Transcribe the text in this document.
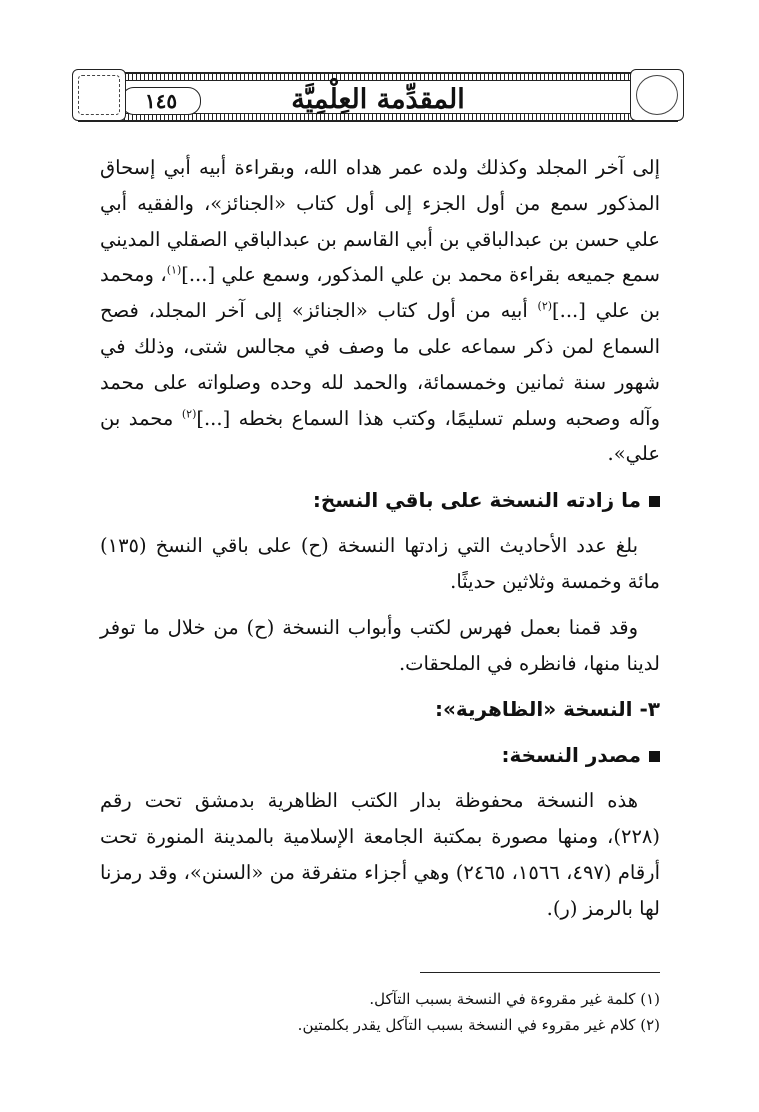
المقدِّمة العِلْمِيَّة
١٤٥

إلى آخر المجلد وكذلك ولده عمر هداه الله، وبقراءة أبيه أبي إسحاق المذكور سمع من أول الجزء إلى أول كتاب «الجنائز»، والفقيه أبي علي حسن بن عبدالباقي بن أبي القاسم بن عبدالباقي الصقلي المديني سمع جميعه بقراءة محمد بن علي المذكور، وسمع علي [...]$^{(١)}$، ومحمد بن علي [...]$^{(٢)}$ أبيه من أول كتاب «الجنائز» إلى آخر المجلد، فصح السماع لمن ذكر سماعه على ما وصف في مجالس شتى، وذلك في شهور سنة ثمانين وخمسمائة، والحمد لله وحده وصلواته على محمد وآله وصحبه وسلم تسليمًا، وكتب هذا السماع بخطه [...]$^{(٢)}$ محمد بن علي».

ما زادته النسخة على باقي النسخ:

بلغ عدد الأحاديث التي زادتها النسخة (ح) على باقي النسخ (١٣٥) مائة وخمسة وثلاثين حديثًا.

وقد قمنا بعمل فهرس لكتب وأبواب النسخة (ح) من خلال ما توفر لدينا منها، فانظره في الملحقات.

٣- النسخة «الظاهرية»:

مصدر النسخة:

هذه النسخة محفوظة بدار الكتب الظاهرية بدمشق تحت رقم (٢٢٨)، ومنها مصورة بمكتبة الجامعة الإسلامية بالمدينة المنورة تحت أرقام (٤٩٧، ١٥٦٦، ٢٤٦٥) وهي أجزاء متفرقة من «السنن»، وقد رمزنا لها بالرمز (ر).

(١) كلمة غير مقروءة في النسخة بسبب التآكل.

(٢) كلام غير مقروء في النسخة بسبب التآكل يقدر بكلمتين.
